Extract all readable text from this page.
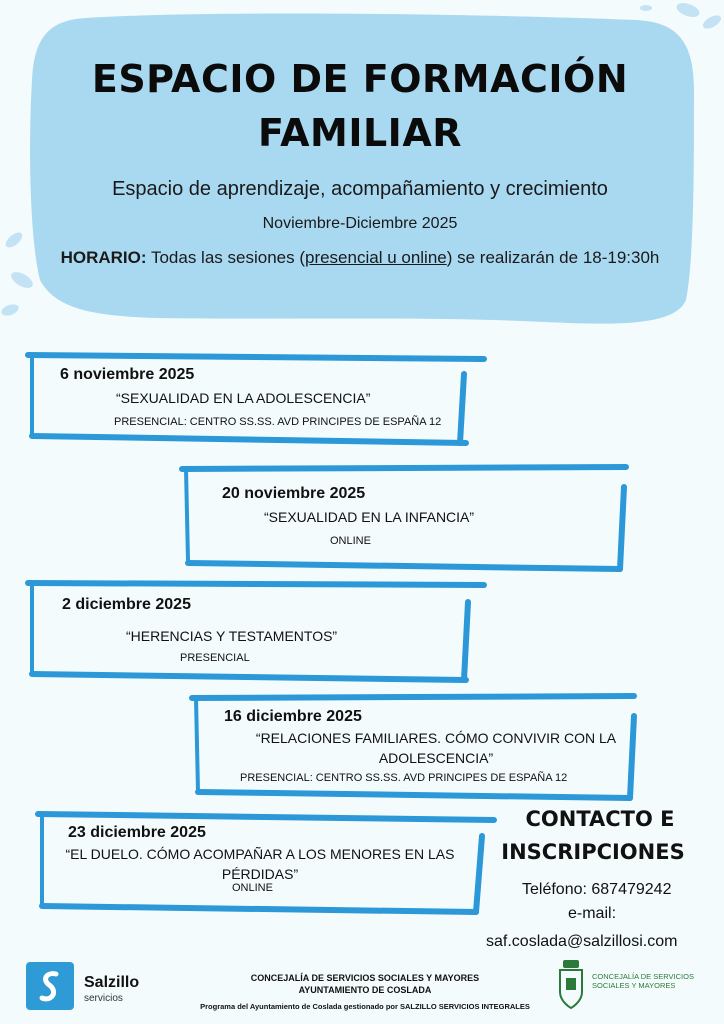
ESPACIO DE FORMACIÓN
FAMILIAR
Espacio de aprendizaje, acompañamiento y crecimiento
Noviembre-Diciembre 2025
HORARIO: Todas las sesiones (presencial u online) se realizarán de 18-19:30h
6 noviembre 2025
“SEXUALIDAD EN LA ADOLESCENCIA”
PRESENCIAL: CENTRO SS.SS. AVD PRINCIPES DE ESPAÑA 12
20 noviembre 2025
“SEXUALIDAD EN LA INFANCIA”
ONLINE
2 diciembre 2025
“HERENCIAS Y TESTAMENTOS”
PRESENCIAL
16 diciembre 2025
“RELACIONES FAMILIARES. CÓMO CONVIVIR CON LA ADOLESCENCIA”
PRESENCIAL: CENTRO SS.SS. AVD PRINCIPES DE ESPAÑA 12
23 diciembre 2025
“EL DUELO. CÓMO ACOMPAÑAR A LOS MENORES EN LAS PÉRDIDAS”
ONLINE
CONTACTO E
INSCRIPCIONES
Teléfono: 687479242
e-mail:
saf.coslada@salzillosi.com
Salzillo
servicios
CONCEJALÍA DE SERVICIOS SOCIALES Y MAYORES
AYUNTAMIENTO DE COSLADA
Programa del Ayuntamiento de Coslada gestionado por SALZILLO SERVICIOS INTEGRALES
CONCEJALÍA DE SERVICIOS SOCIALES Y MAYORES
